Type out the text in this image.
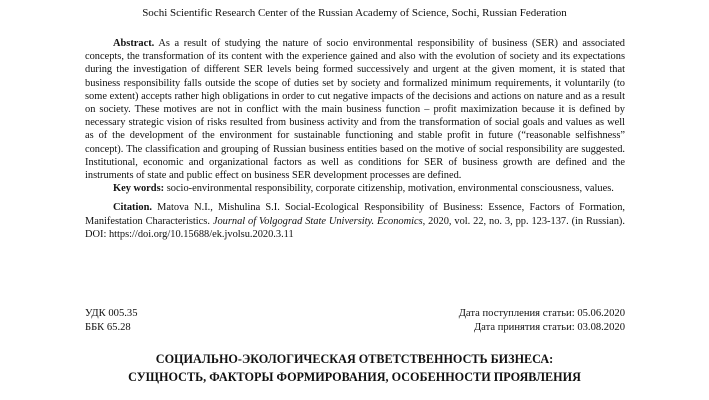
Sochi Scientific Research Center of the Russian Academy of Science, Sochi, Russian Federation

Abstract. As a result of studying the nature of socio environmental responsibility of business (SER) and associated concepts, the transformation of its content with the experience gained and also with the evolution of society and its expectations during the investigation of different SER levels being formed successively and urgent at the given moment, it is stated that business responsibility falls outside the scope of duties set by society and formalized minimum requirements, it voluntarily (to some extent) accepts rather high obligations in order to cut negative impacts of the decisions and actions on nature and as a result on society. These motives are not in conflict with the main business function – profit maximization because it is defined by necessary strategic vision of risks resulted from business activity and from the transformation of social goals and values as well as of the development of the environment for sustainable functioning and stable profit in future (“reasonable selfishness” concept). The classification and grouping of Russian business entities based on the motive of social responsibility are suggested. Institutional, economic and organizational factors as well as conditions for SER of business growth are defined and the instruments of state and public effect on business SER development processes are defined.

Key words: socio-environmental responsibility, corporate citizenship, motivation, environmental consciousness, values.

Citation. Matova N.I., Mishulina S.I. Social-Ecological Responsibility of Business: Essence, Factors of Formation, Manifestation Characteristics. Journal of Volgograd State University. Economics, 2020, vol. 22, no. 3, pp. 123-137. (in Russian). DOI: https://doi.org/10.15688/ek.jvolsu.2020.3.11

УДК 005.35
ББК 65.28
Дата поступления статьи: 05.06.2020
Дата принятия статьи: 03.08.2020
СОЦИАЛЬНО-ЭКОЛОГИЧЕСКАЯ ОТВЕТСТВЕННОСТЬ БИЗНЕСА:
СУЩНОСТЬ, ФАКТОРЫ ФОРМИРОВАНИЯ, ОСОБЕННОСТИ ПРОЯВЛЕНИЯ
